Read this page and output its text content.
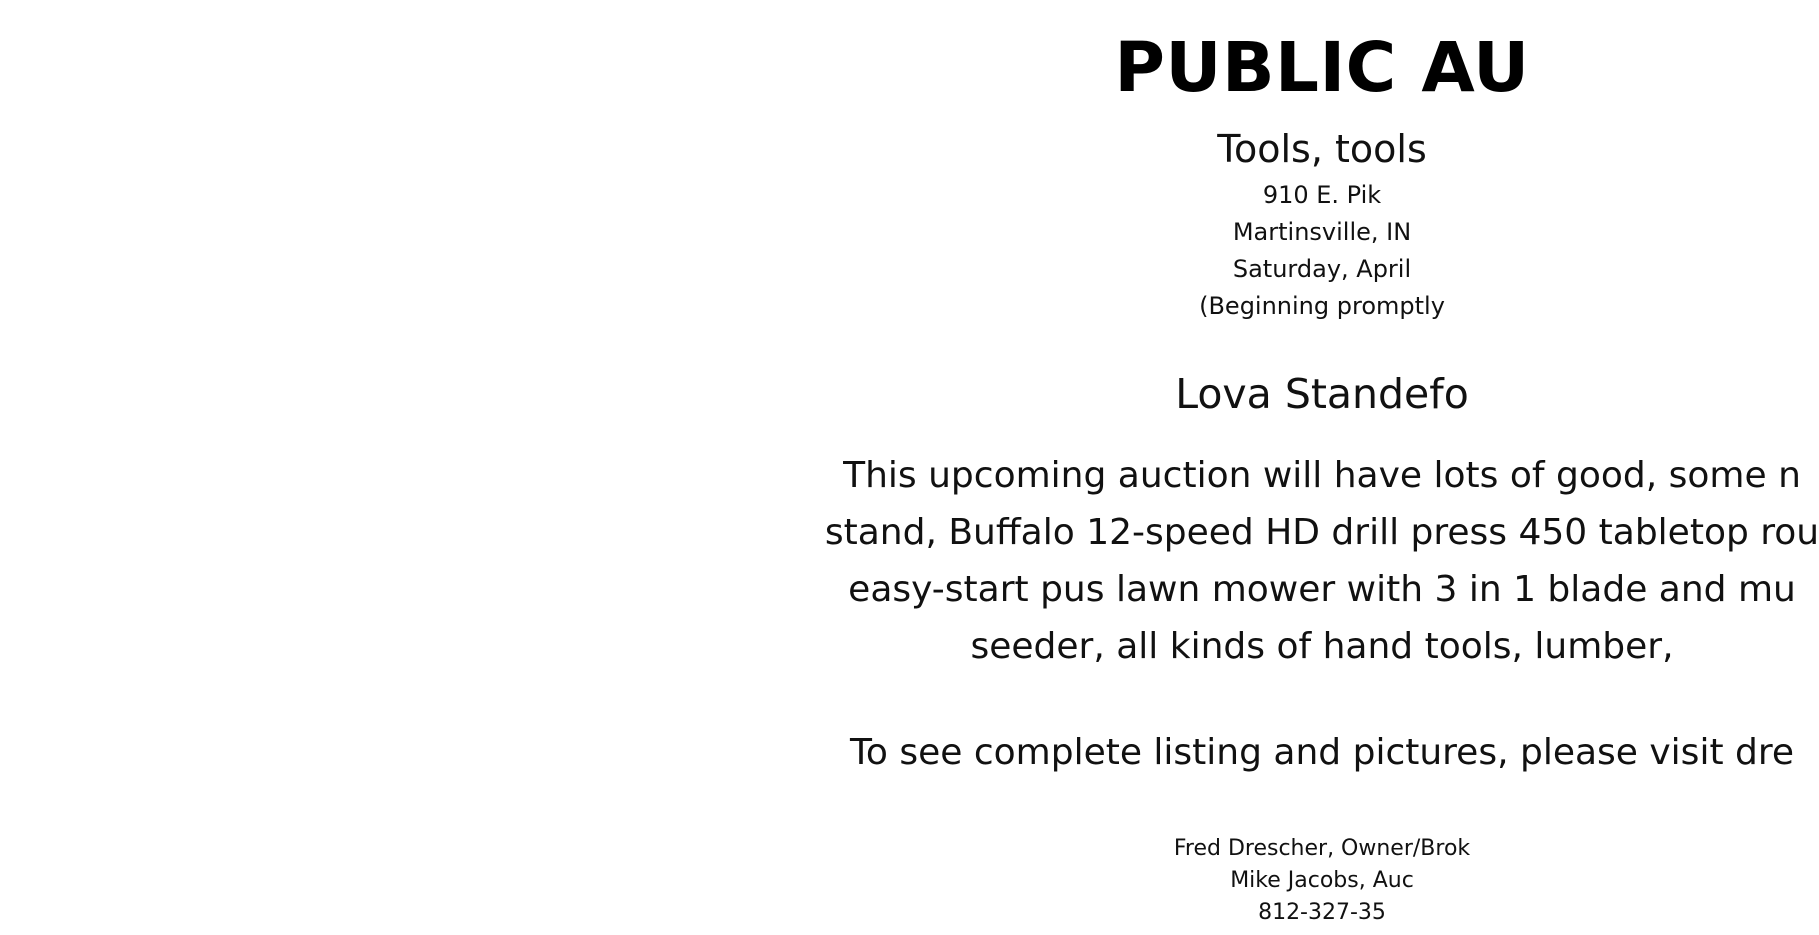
PUBLIC AU
Tools, tools
910 E. Pik
Martinsville, IN
Saturday, April
(Beginning promptly
Lova Standefo
This upcoming auction will have lots of good, some n
stand, Buffalo 12-speed HD drill press 450 tabletop rou
easy-start pus lawn mower with 3 in 1 blade and mu
seeder, all kinds of hand tools, lumber,
To see complete listing and pictures, please visit dre
Fred Drescher, Owner/Brok
Mike Jacobs, Auc
812-327-35
